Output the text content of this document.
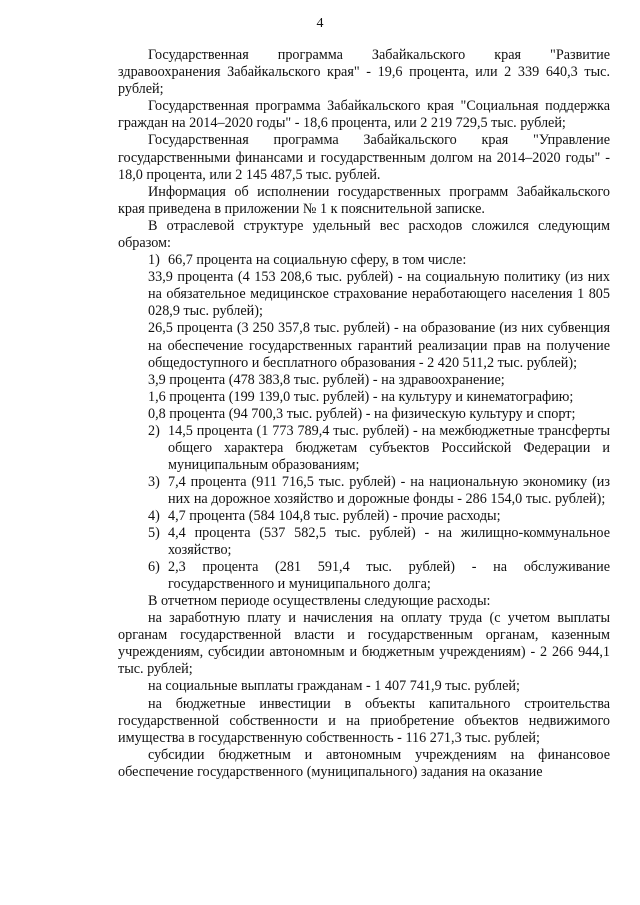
4

Государственная программа Забайкальского края "Развитие здравоохранения Забайкальского края" - 19,6 процента, или 2 339 640,3 тыс. рублей;

Государственная программа Забайкальского края "Социальная поддержка граждан на 2014–2020 годы" - 18,6 процента, или 2 219 729,5 тыс. рублей;

Государственная программа Забайкальского края "Управление государственными финансами и государственным долгом на 2014–2020 годы" - 18,0 процента, или 2 145 487,5 тыс. рублей.

Информация об исполнении государственных программ Забайкальского края приведена в приложении № 1 к пояснительной записке.

В отраслевой структуре удельный вес расходов сложился следующим образом:

1) 66,7 процента на социальную сферу, в том числе:

33,9 процента (4 153 208,6 тыс. рублей) - на социальную политику (из них на обязательное медицинское страхование неработающего населения 1 805 028,9 тыс. рублей);

26,5 процента (3 250 357,8 тыс. рублей) - на образование (из них субвенция на обеспечение государственных гарантий реализации прав на получение общедоступного и бесплатного образования - 2 420 511,2 тыс. рублей);

3,9 процента (478 383,8 тыс. рублей) - на здравоохранение;

1,6 процента (199 139,0 тыс. рублей) - на культуру и кинематографию;

0,8 процента (94 700,3 тыс. рублей) - на физическую культуру и спорт;

2) 14,5 процента (1 773 789,4 тыс. рублей) - на межбюджетные трансферты общего характера бюджетам субъектов Российской Федерации и муниципальным образованиям;
3) 7,4 процента (911 716,5 тыс. рублей) - на национальную экономику (из них на дорожное хозяйство и дорожные фонды - 286 154,0 тыс. рублей);
4) 4,7 процента (584 104,8 тыс. рублей) - прочие расходы;
5) 4,4 процента (537 582,5 тыс. рублей) - на жилищно-коммунальное хозяйство;
6) 2,3 процента (281 591,4 тыс. рублей) - на обслуживание государственного и муниципального долга;

В отчетном периоде осуществлены следующие расходы:

на заработную плату и начисления на оплату труда (с учетом выплаты органам государственной власти и государственным органам, казенным учреждениям, субсидии автономным и бюджетным учреждениям) - 2 266 944,1 тыс. рублей;

на социальные выплаты гражданам - 1 407 741,9 тыс. рублей;

на бюджетные инвестиции в объекты капитального строительства государственной собственности и на приобретение объектов недвижимого имущества в государственную собственность - 116 271,3 тыс. рублей;

субсидии бюджетным и автономным учреждениям на финансовое обеспечение государственного (муниципального) задания на оказание
